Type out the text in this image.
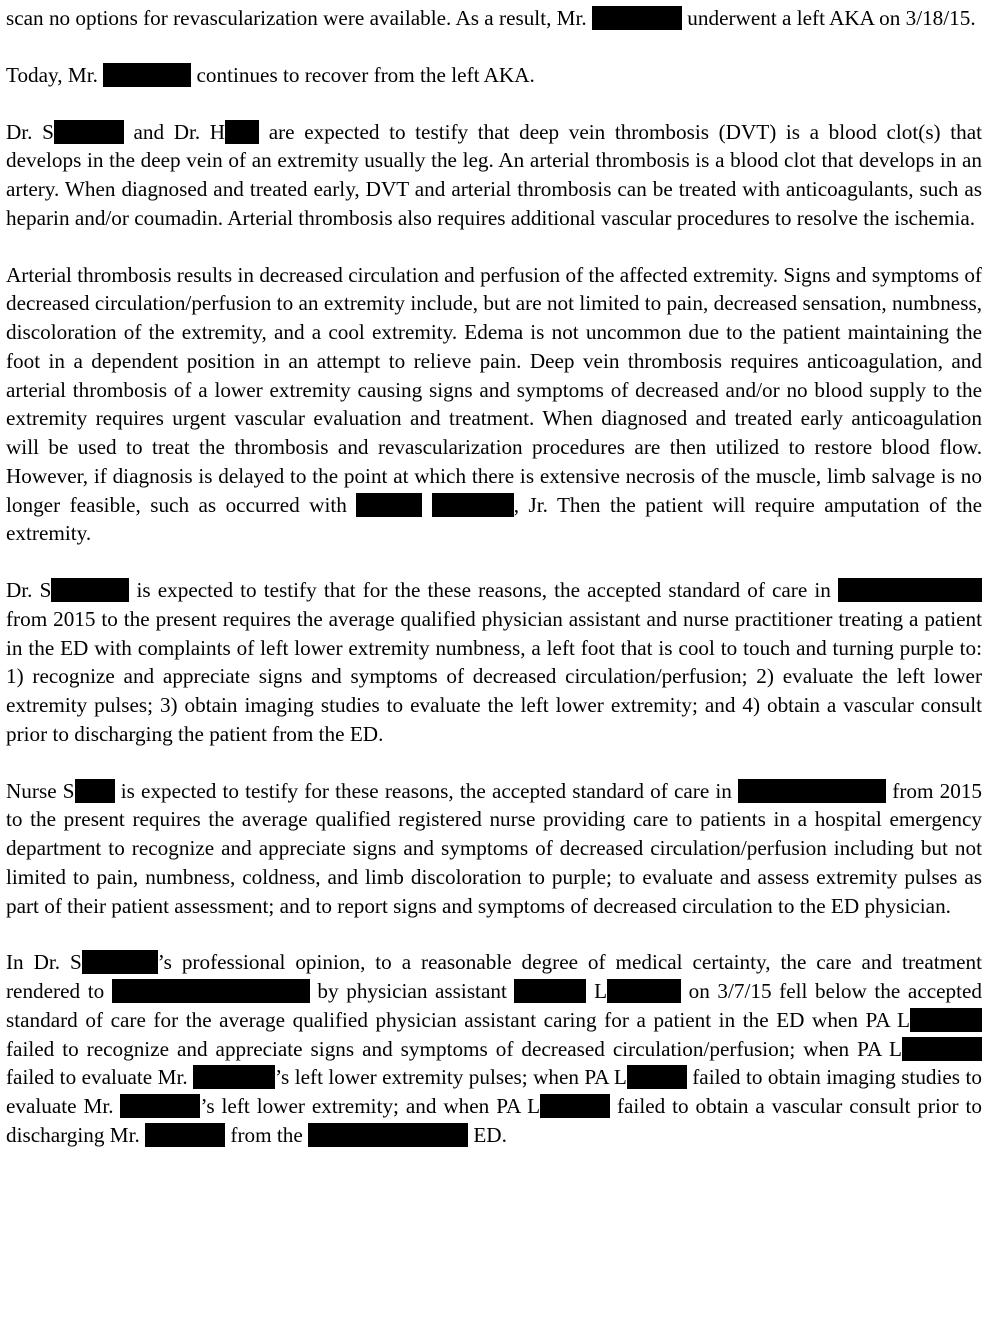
scan no options for revascularization were available. As a result, Mr.	underwent a left AKA on 3/18/15.

Today, Mr.	continues to recover from the left AKA.

Dr. S	and Dr. H are expected to testify that deep vein thrombosis (DVT) is a blood clot(s) that develops in the deep vein of an extremity usually the leg. An arterial thrombosis is a blood clot that develops in an artery. When diagnosed and treated early, DVT and arterial thrombosis can be treated with anticoagulants, such as heparin and/or coumadin. Arterial thrombosis also requires additional vascular procedures to resolve the ischemia.

Arterial thrombosis results in decreased circulation and perfusion of the affected extremity. Signs and symptoms of decreased circulation/perfusion to an extremity include, but are not limited to pain, decreased sensation, numbness, discoloration of the extremity, and a cool extremity. Edema is not uncommon due to the patient maintaining the foot in a dependent position in an attempt to relieve pain. Deep vein thrombosis requires anticoagulation, and arterial thrombosis of a lower extremity causing signs and symptoms of decreased and/or no blood supply to the extremity requires urgent vascular evaluation and treatment. When diagnosed and treated early anticoagulation will be used to treat the thrombosis and revascularization procedures are then utilized to restore blood flow. However, if diagnosis is delayed to the point at which there is extensive necrosis of the muscle, limb salvage is no longer feasible, such as occurred with	, Jr. Then the patient will require amputation of the extremity.

Dr. S	is expected to testify that for the these reasons, the accepted standard of care in  from 2015 to the present requires the average qualified physician assistant and nurse practitioner treating a patient in the ED with complaints of left lower extremity numbness, a left foot that is cool to touch and turning purple to: 1) recognize and appreciate signs and symptoms of decreased circulation/perfusion; 2) evaluate the left lower extremity pulses; 3) obtain imaging studies to evaluate the left lower extremity; and 4) obtain a vascular consult prior to discharging the patient from the ED.

Nurse S is expected to testify for these reasons, the accepted standard of care in	from 2015 to the present requires the average qualified registered nurse providing care to patients in a hospital emergency department to recognize and appreciate signs and symptoms of decreased circulation/perfusion including but not limited to pain, numbness, coldness, and limb discoloration to purple; to evaluate and assess extremity pulses as part of their patient assessment; and to report signs and symptoms of decreased circulation to the ED physician.

In Dr. S	’s professional opinion, to a reasonable degree of medical certainty, the care and treatment rendered to	by physician assistant	L	on 3/7/15 fell below the accepted standard of care for the average qualified physician assistant caring for a patient in the ED when PA L failed to recognize and appreciate signs and symptoms of decreased circulation/perfusion; when PA L failed to evaluate Mr.	’s left lower extremity pulses; when PA L	failed to obtain imaging studies to evaluate Mr.	’s left lower extremity; and when PA L	failed to obtain a vascular consult prior to discharging Mr.	from the	ED.
